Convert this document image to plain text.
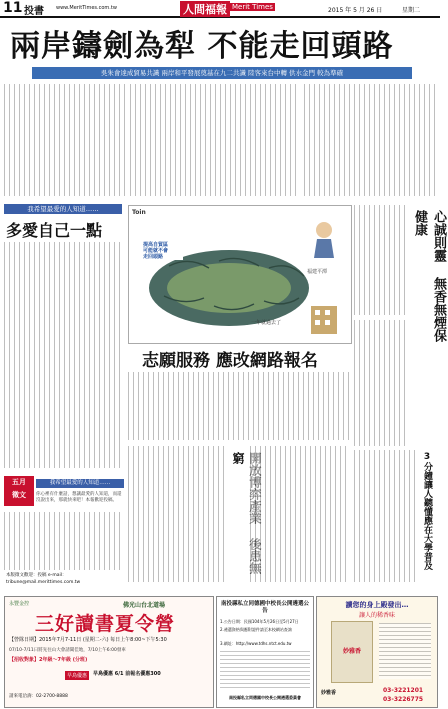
11 投書 www.MeritTimes.com.tw	人間福報 Merit Times	2015 年 5 月 26 日	星期二
兩岸鑄劍為犁 不能走回頭路
吳朱會達成貿易共識 兩岸和平發展奠基在九二共識 陸客來台中轉 供水金門 較為準確
我希望最愛的人知道……
多愛自己一點
五月
徵文
我希望最愛的人知道……
你心裡有什麼話，想讓最愛的人知道，而還沒說出來，那就快來吧！本報歡迎投稿。
本版徵文歡迎：投稿 e-mail：
tribune@mail.merittimes.com.tw
Toin
提高自貿區
可能就不會
走回頭路
一年就過去了
福建平潭
志願服務 應改網路報名
窮
心誠則靈 無香無煙保健康
3分鐘讓人聽懂應在大學普及
永豐金控	佛光山台北道場
三好讀書夏令營
【營隊日期】2015年7月7-11日 (星期二-六) 每日上午8:00~下午5:30
07/10-7/11日將先往山大會請聞佳地，7/10上午6:00發車
【招收對象】2年級～7年級 (分班)
早鳥優惠	早鳥優惠 6/1 前報名優惠300
請來電洽詢：02-2700-8888
南投縣私立同德國中校長公開遴選公告
1.公告日期：民國104年5月26日至5月27日
2.遴選資格與應附證件請至本校網站查詢
3.網址：http://www.tdhs.ntct.edu.tw
南投縣私立同德國中校長公開遴選委員會
讀您的身上殿發出…
讓人的稀香味
妙雅香
妙雅香	03-3221201
03-3226775
